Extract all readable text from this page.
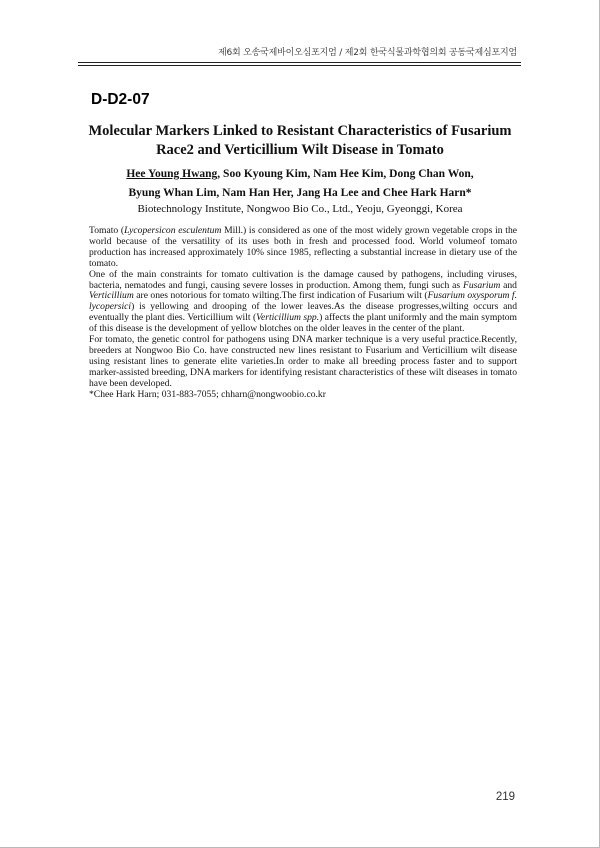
제6회 오송국제바이오심포지엄 / 제2회 한국식물과학협의회 공동국제심포지엄
D-D2-07
Molecular Markers Linked to Resistant Characteristics of Fusarium
Race2 and Verticillium Wilt Disease in Tomato
Hee Young Hwang, Soo Kyoung Kim, Nam Hee Kim, Dong Chan Won,
Byung Whan Lim, Nam Han Her, Jang Ha Lee and Chee Hark Harn*
Biotechnology Institute, Nongwoo Bio Co., Ltd., Yeoju, Gyeonggi, Korea

Tomato (Lycopersicon esculentum Mill.) is considered as one of the most widely grown vegetable crops in the world because of the versatility of its uses both in fresh and processed food. World volumeof tomato production has increased approximately 10% since 1985, reflecting a substantial increase in dietary use of the tomato.

One of the main constraints for tomato cultivation is the damage caused by pathogens, including viruses, bacteria, nematodes and fungi, causing severe losses in production. Among them, fungi such as Fusarium and Verticillium are ones notorious for tomato wilting.The first indication of Fusarium wilt (Fusarium oxysporum f. lycopersici) is yellowing and drooping of the lower leaves.As the disease progresses,wilting occurs and eventually the plant dies. Verticillium wilt (Verticillium spp.) affects the plant uniformly and the main symptom of this disease is the development of yellow blotches on the older leaves in the center of the plant.

For tomato, the genetic control for pathogens using DNA marker technique is a very useful practice.Recently, breeders at Nongwoo Bio Co. have constructed new lines resistant to Fusarium and Verticillium wilt disease using resistant lines to generate elite varieties.In order to make all breeding process faster and to support marker-assisted breeding, DNA markers for identifying resistant characteristics of these wilt diseases in tomato have been developed.

*Chee Hark Harn; 031-883-7055; chharn@nongwoobio.co.kr

219
